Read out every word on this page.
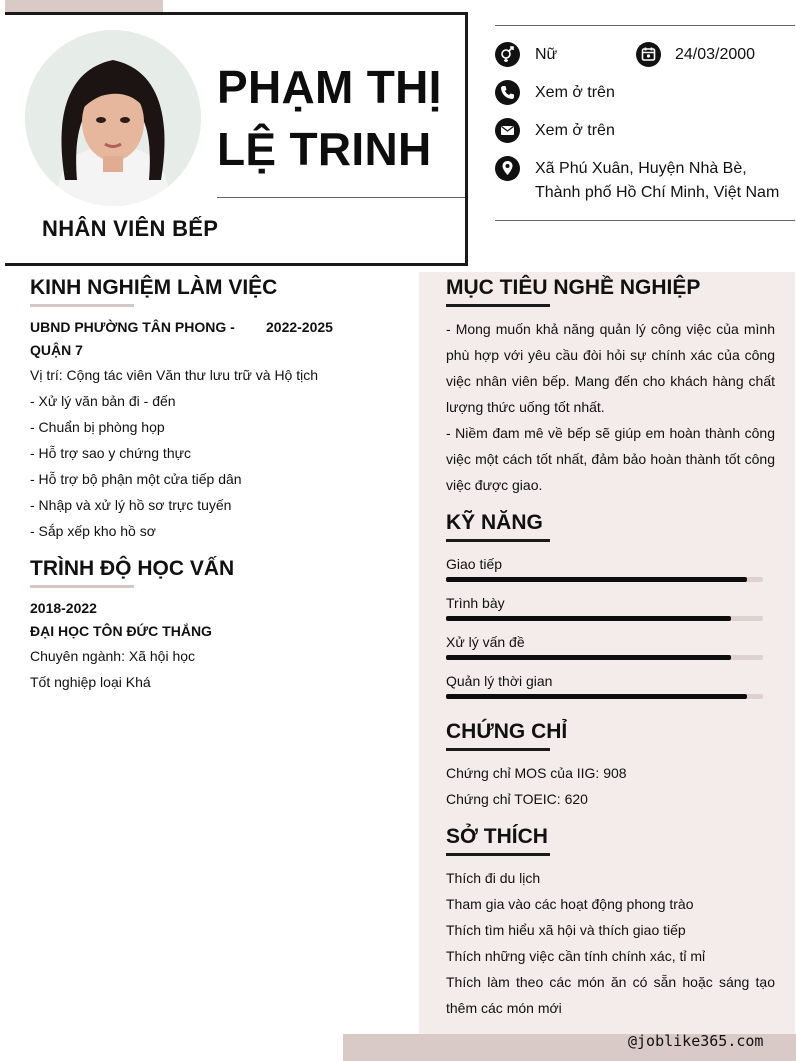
PHẠM THỊ
LỆ TRINH
NHÂN VIÊN BẾP
Nữ	24/03/2000
Xem ở trên
Xem ở trên
Xã Phú Xuân, Huyện Nhà Bè,
Thành phố Hồ Chí Minh, Việt Nam
KINH NGHIỆM LÀM VIỆC
UBND PHƯỜNG TÂN PHONG - 2022-2025
QUẬN 7
Vị trí: Cộng tác viên Văn thư lưu trữ và Hộ tịch
- Xử lý văn bản đi - đến
- Chuẩn bị phòng họp
- Hỗ trợ sao y chứng thực
- Hỗ trợ bộ phận một cửa tiếp dân
- Nhập và xử lý hồ sơ trực tuyến
- Sắp xếp kho hồ sơ
TRÌNH ĐỘ HỌC VẤN
2018-2022
ĐẠI HỌC TÔN ĐỨC THẮNG
Chuyên ngành: Xã hội học
Tốt nghiệp loại Khá
MỤC TIÊU NGHỀ NGHIỆP
- Mong muốn khả năng quản lý công việc của mình phù hợp với yêu cầu đòi hỏi sự chính xác của công việc nhân viên bếp. Mang đến cho khách hàng chất lượng thức uống tốt nhất.
- Niềm đam mê về bếp sẽ giúp em hoàn thành công việc một cách tốt nhất, đảm bảo hoàn thành tốt công việc được giao.
KỸ NĂNG
Giao tiếp
Trình bày
Xử lý vấn đề
Quản lý thời gian
CHỨNG CHỈ
Chứng chỉ MOS của IIG: 908
Chứng chỉ TOEIC: 620
SỞ THÍCH
Thích đi du lịch
Tham gia vào các hoạt động phong trào
Thích tìm hiểu xã hội và thích giao tiếp
Thích những việc cần tính chính xác, tỉ mỉ
Thích làm theo các món ăn có sẵn hoặc sáng tạo thêm các món mới
@joblike365.com
